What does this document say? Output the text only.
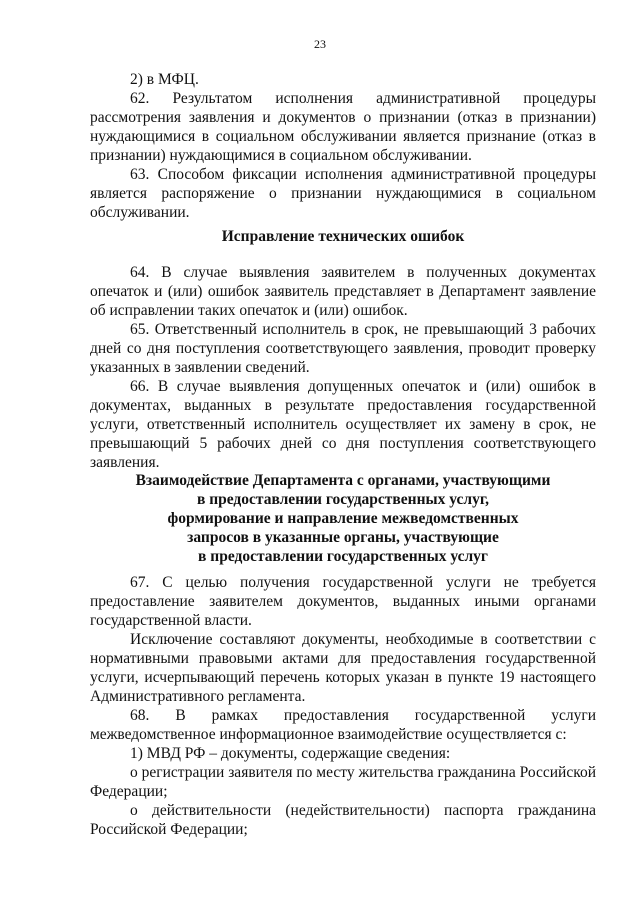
23

2) в МФЦ.

62. Результатом исполнения административной процедуры рассмотрения заявления и документов о признании (отказ в признании) нуждающимися в социальном обслуживании является признание (отказ в признании) нуждающимися в социальном обслуживании.

63. Способом фиксации исполнения административной процедуры является распоряжение о признании нуждающимися в социальном обслуживании.

Исправление технических ошибок

64. В случае выявления заявителем в полученных документах опечаток и (или) ошибок заявитель представляет в Департамент заявление об исправлении таких опечаток и (или) ошибок.

65. Ответственный исполнитель в срок, не превышающий 3 рабочих дней со дня поступления соответствующего заявления, проводит проверку указанных в заявлении сведений.

66. В случае выявления допущенных опечаток и (или) ошибок в документах, выданных в результате предоставления государственной услуги, ответственный исполнитель осуществляет их замену в срок, не превышающий 5 рабочих дней со дня поступления соответствующего заявления.

Взаимодействие Департамента с органами, участвующими
в предоставлении государственных услуг,
формирование и направление межведомственных
запросов в указанные органы, участвующие
в предоставлении государственных услуг

67. С целью получения государственной услуги не требуется предоставление заявителем документов, выданных иными органами государственной власти.

Исключение составляют документы, необходимые в соответствии с нормативными правовыми актами для предоставления государственной услуги, исчерпывающий перечень которых указан в пункте 19 настоящего Административного регламента.

68. В рамках предоставления государственной услуги межведомственное информационное взаимодействие осуществляется с:

1) МВД РФ – документы, содержащие сведения:

о регистрации заявителя по месту жительства гражданина Российской Федерации;

о действительности (недействительности) паспорта гражданина Российской Федерации;
